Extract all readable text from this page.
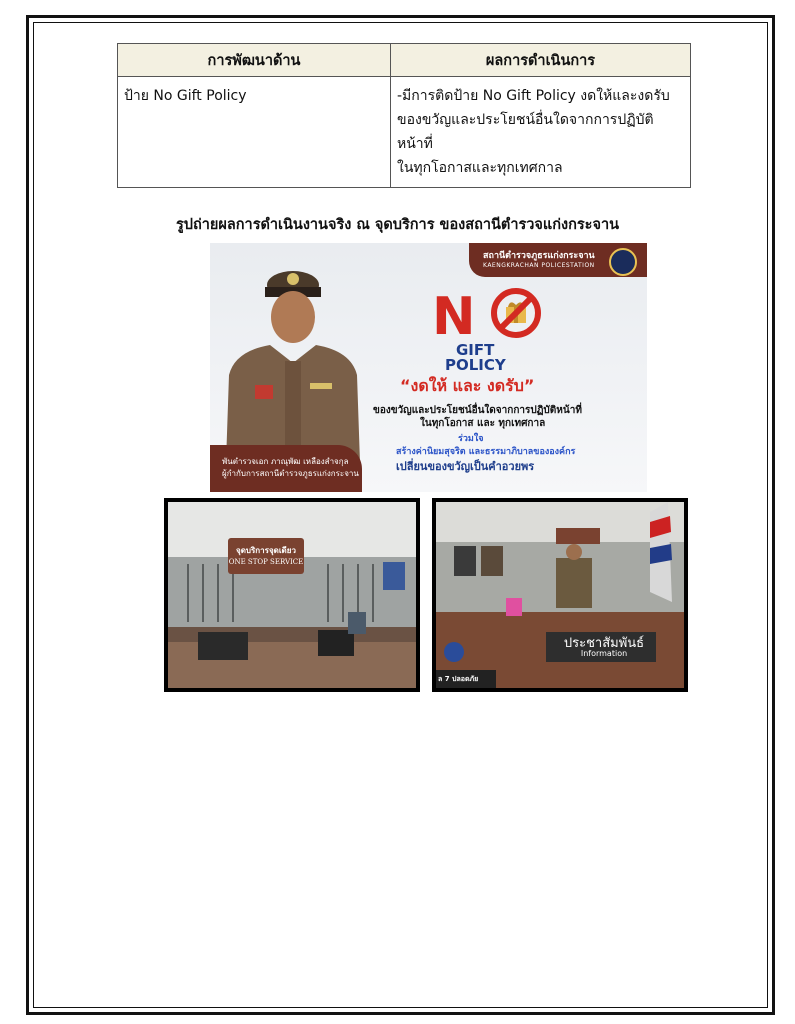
การพัฒนาด้าน	ผลการดำเนินการ
ป้าย No Gift Policy	-มีการติดป้าย No Gift Policy งดให้และงดรับ
ของขวัญและประโยชน์อื่นใดจากการปฏิบัติหน้าที่
ในทุกโอกาสและทุกเทศกาล
รูปถ่ายผลการดำเนินงานจริง ณ จุดบริการ ของสถานีตำรวจแก่งกระจาน
สถานีตำรวจภูธรแก่งกระจาน
KAENGKRACHAN POLICESTATION
พันตำรวจเอก ภาณุพัฒ เหลืองสำจกุล
ผู้กำกับการสถานีตำรวจภูธรแก่งกระจาน
N
GIFT
POLICY
“งดให้ และ งดรับ”
ของขวัญและประโยชน์อื่นใดจากการปฏิบัติหน้าที่
ในทุกโอกาส และ ทุกเทศกาล
ร่วมใจ
สร้างค่านิยมสุจริต และธรรมาภิบาลขององค์กร
เปลี่ยนของขวัญเป็นคำอวยพร
จุดบริการจุดเดียว
ONE STOP SERVICE
ประชาสัมพันธ์
Information
ล 7 ปลอดภัย
